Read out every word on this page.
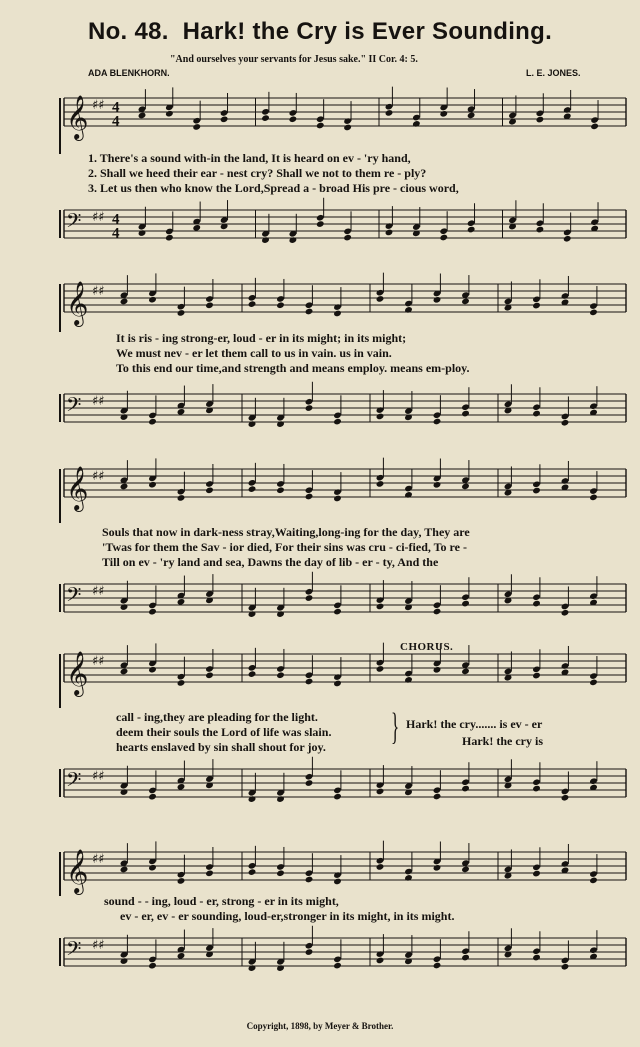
No. 48. Hark! the Cry is Ever Sounding.
"And ourselves your servants for Jesus sake." II Cor. 4: 5.
ADA BLENKHORN.	L. E. JONES.
𝄞 ♯♯ 4
4
1. There's a sound with-in the land, It is heard on ev - 'ry hand,
2. Shall we heed their ear - nest cry? Shall we not to them re - ply?
3. Let us then who know the Lord,Spread a - broad His pre - cious word,
𝄢 ♯♯ 4
4
𝄞 ♯♯
It is ris - ing strong-er, loud - er in its might; in its might;
We must nev - er let them call to us in vain. us in vain.
To this end our time,and strength and means employ. means em-ploy.
𝄢 ♯♯
𝄞 ♯♯
Souls that now in dark-ness stray,Waiting,long-ing for the day, They are
'Twas for them the Sav - ior died, For their sins was cru - ci-fied, To re -
Till on ev - 'ry land and sea, Dawns the day of lib - er - ty, And the
𝄢 ♯♯
CHORUS.
𝄞 ♯♯
call - ing,they are pleading for the light.
deem their souls the Lord of life was slain.
hearts enslaved by sin shall shout for joy. } Hark! the cry....... is ev - er
Hark! the cry is
𝄢 ♯♯
𝄞 ♯♯
sound - - ing, loud - er, strong - er in its might,
ev - er, ev - er sounding, loud-er,stronger in its might, in its might.
𝄢 ♯♯
Copyright, 1898, by Meyer & Brother.
